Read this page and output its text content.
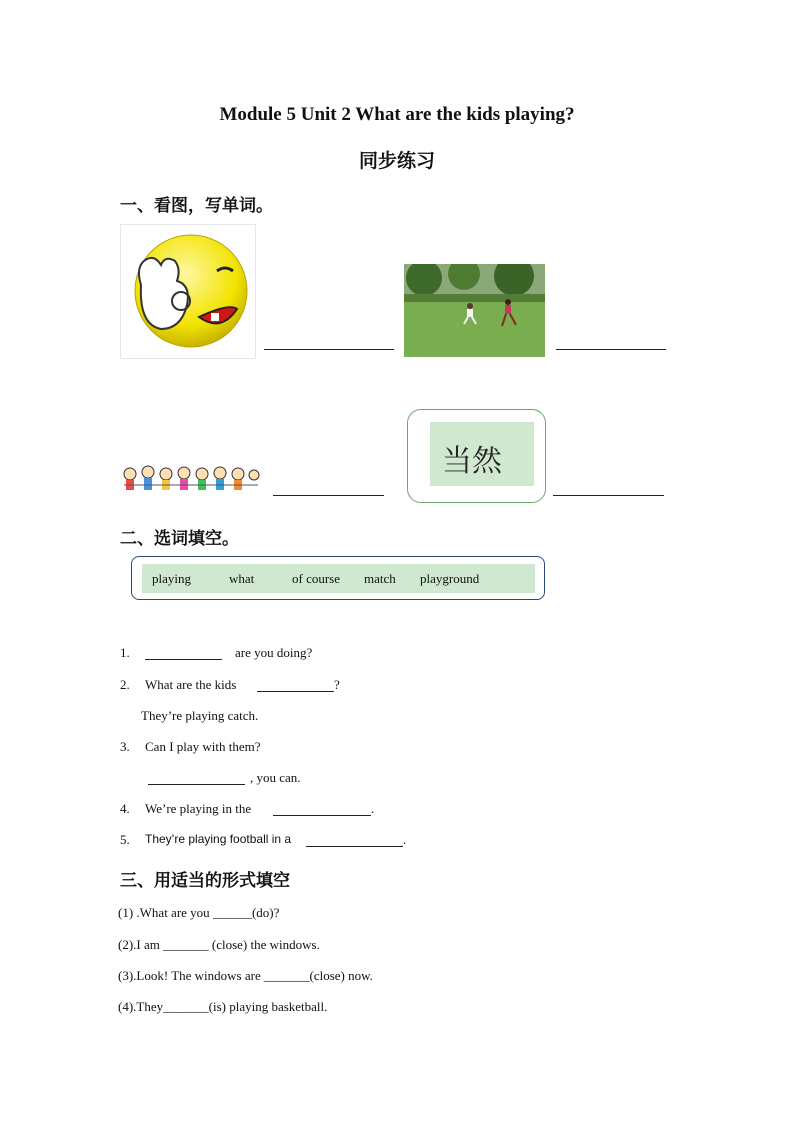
Module 5 Unit 2 What are the kids playing?
同步练习
一、看图，写单词。
当然
二、选词填空。
playing	what	of course match playground
1.	are you doing?
2. What are the kids	?
They’re playing catch.
3. Can I play with them?
, you can.
4. We’re playing in the	.
5. They’re playing football in a	.
三、用适当的形式填空
(1) .What are you ______(do)?
(2).I am _______ (close) the windows.
(3).Look! The windows are _______(close) now.
(4).They_______(is) playing basketball.
